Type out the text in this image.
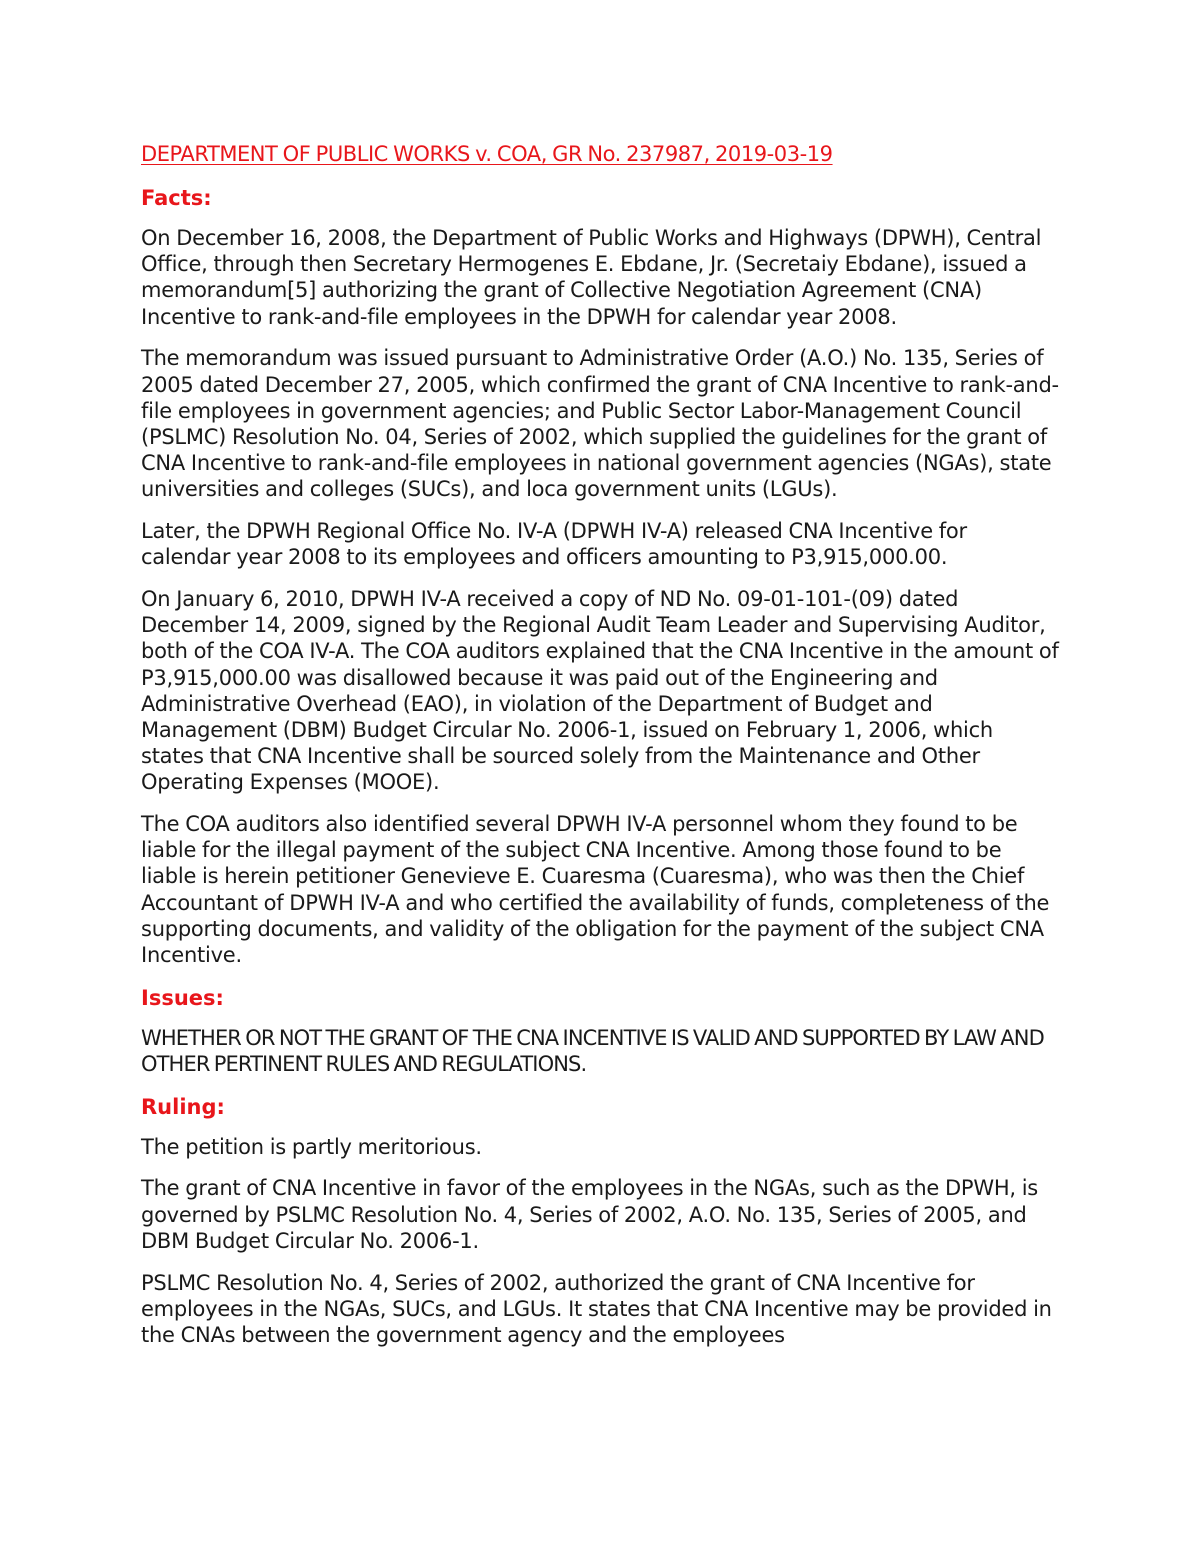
DEPARTMENT OF PUBLIC WORKS v. COA, GR No. 237987, 2019-03-19
Facts:

On December 16, 2008, the Department of Public Works and Highways (DPWH), Central Office, through then Secretary Hermogenes E. Ebdane, Jr. (Secretaiy Ebdane), issued a memorandum[5] authorizing the grant of Collective Negotiation Agreement (CNA) Incentive to rank-and-file employees in the DPWH for calendar year 2008.

The memorandum was issued pursuant to Administrative Order (A.O.) No. 135, Series of 2005 dated December 27, 2005, which confirmed the grant of CNA Incentive to rank-and-file employees in government agencies; and Public Sector Labor-Management Council (PSLMC) Resolution No. 04, Series of 2002, which supplied the guidelines for the grant of CNA Incentive to rank-and-file employees in national government agencies (NGAs), state universities and colleges (SUCs), and loca government units (LGUs).

Later, the DPWH Regional Office No. IV-A (DPWH IV-A) released CNA Incentive for calendar year 2008 to its employees and officers amounting to P3,915,000.00.

On January 6, 2010, DPWH IV-A received a copy of ND No. 09-01-101-(09) dated December 14, 2009, signed by the Regional Audit Team Leader and Supervising Auditor, both of the COA IV-A. The COA auditors explained that the CNA Incentive in the amount of P3,915,000.00 was disallowed because it was paid out of the Engineering and Administrative Overhead (EAO), in violation of the Department of Budget and Management (DBM) Budget Circular No. 2006-1, issued on February 1, 2006, which states that CNA Incentive shall be sourced solely from the Maintenance and Other Operating Expenses (MOOE).

The COA auditors also identified several DPWH IV-A personnel whom they found to be liable for the illegal payment of the subject CNA Incentive. Among those found to be liable is herein petitioner Genevieve E. Cuaresma (Cuaresma), who was then the Chief Accountant of DPWH IV-A and who certified the availability of funds, completeness of the supporting documents, and validity of the obligation for the payment of the subject CNA Incentive.

Issues:

WHETHER OR NOT THE GRANT OF THE CNA INCENTIVE IS VALID AND SUPPORTED BY LAW AND OTHER PERTINENT RULES AND REGULATIONS.

Ruling:

The petition is partly meritorious.

The grant of CNA Incentive in favor of the employees in the NGAs, such as the DPWH, is governed by PSLMC Resolution No. 4, Series of 2002, A.O. No. 135, Series of 2005, and DBM Budget Circular No. 2006-1.

PSLMC Resolution No. 4, Series of 2002, authorized the grant of CNA Incentive for employees in the NGAs, SUCs, and LGUs. It states that CNA Incentive may be provided in the CNAs between the government agency and the employees
